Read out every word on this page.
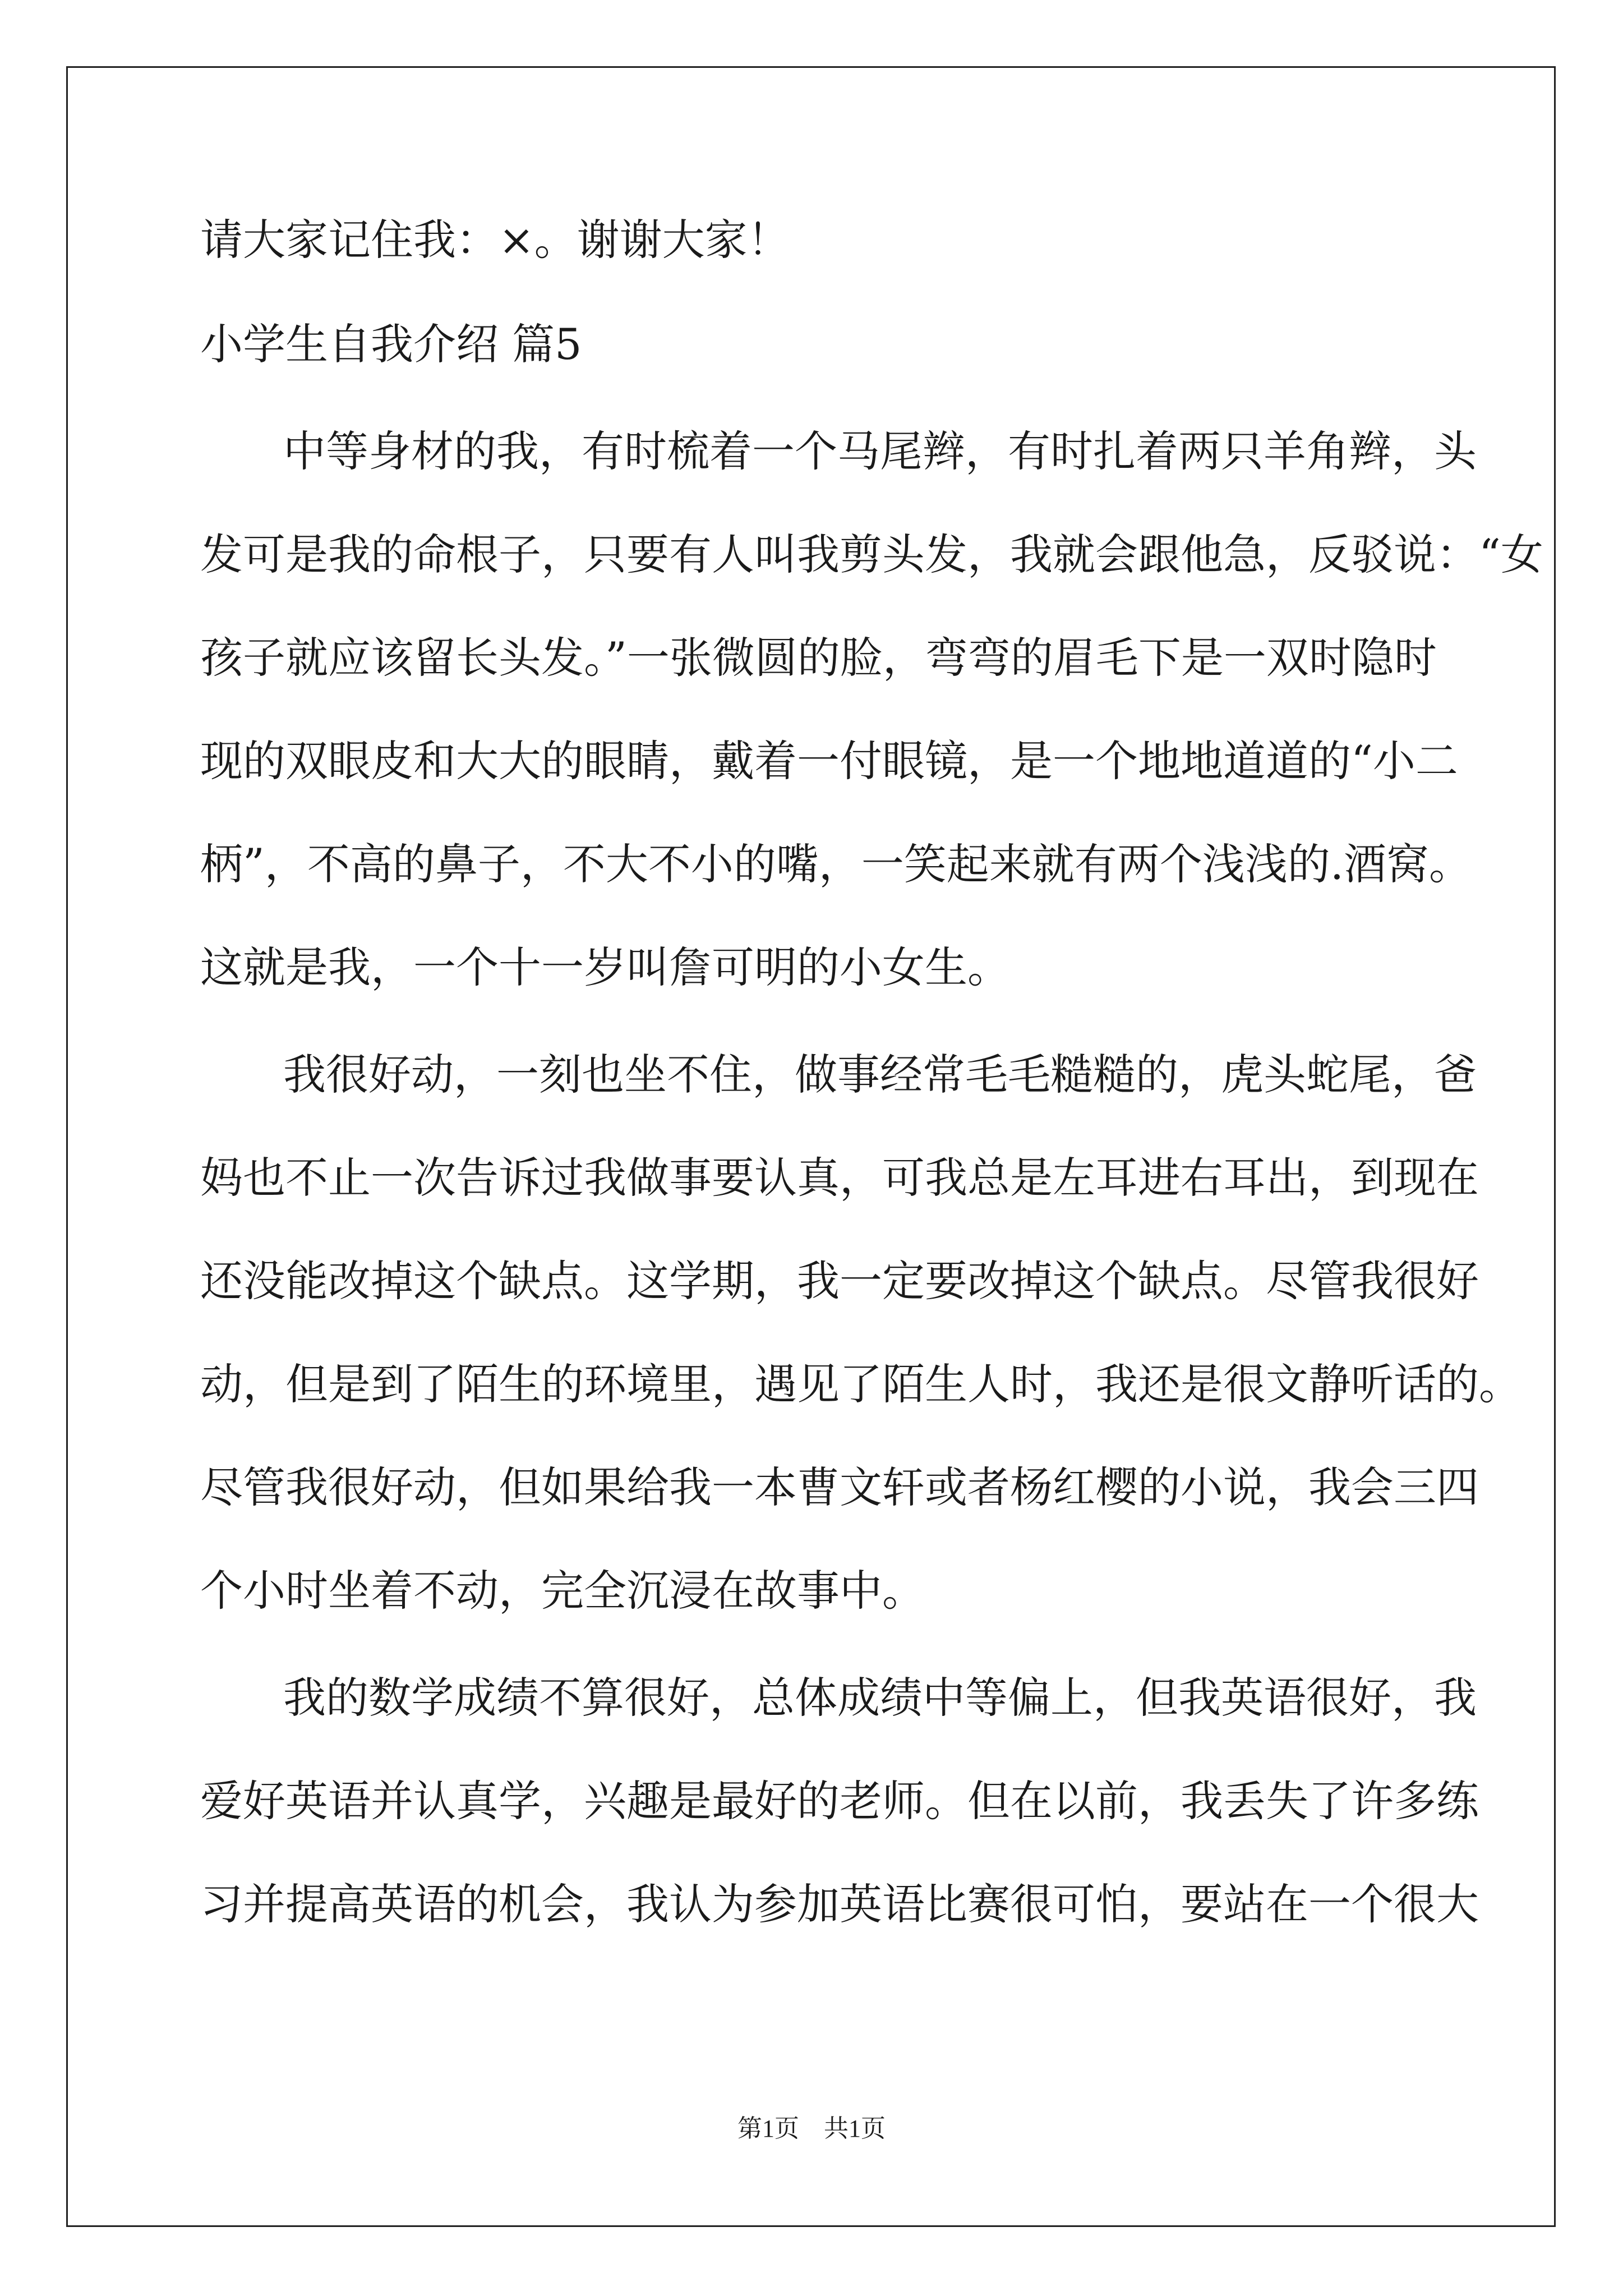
请大家记住我：×。谢谢大家！

小学生自我介绍 篇5

中等身材的我，有时梳着一个马尾辫，有时扎着两只羊角辫，头

发可是我的命根子，只要有人叫我剪头发，我就会跟他急，反驳说：“女

孩子就应该留长头发。”一张微圆的脸，弯弯的眉毛下是一双时隐时

现的双眼皮和大大的眼睛，戴着一付眼镜，是一个地地道道的“小二

柄”，不高的鼻子，不大不小的嘴，一笑起来就有两个浅浅的.酒窝。

这就是我，一个十一岁叫詹可明的小女生。

我很好动，一刻也坐不住，做事经常毛毛糙糙的，虎头蛇尾，爸

妈也不止一次告诉过我做事要认真，可我总是左耳进右耳出，到现在

还没能改掉这个缺点。这学期，我一定要改掉这个缺点。尽管我很好

动，但是到了陌生的环境里，遇见了陌生人时，我还是很文静听话的。

尽管我很好动，但如果给我一本曹文轩或者杨红樱的小说，我会三四

个小时坐着不动，完全沉浸在故事中。

我的数学成绩不算很好，总体成绩中等偏上，但我英语很好，我

爱好英语并认真学，兴趣是最好的老师。但在以前，我丢失了许多练

习并提高英语的机会，我认为参加英语比赛很可怕，要站在一个很大

第1页　共1页
